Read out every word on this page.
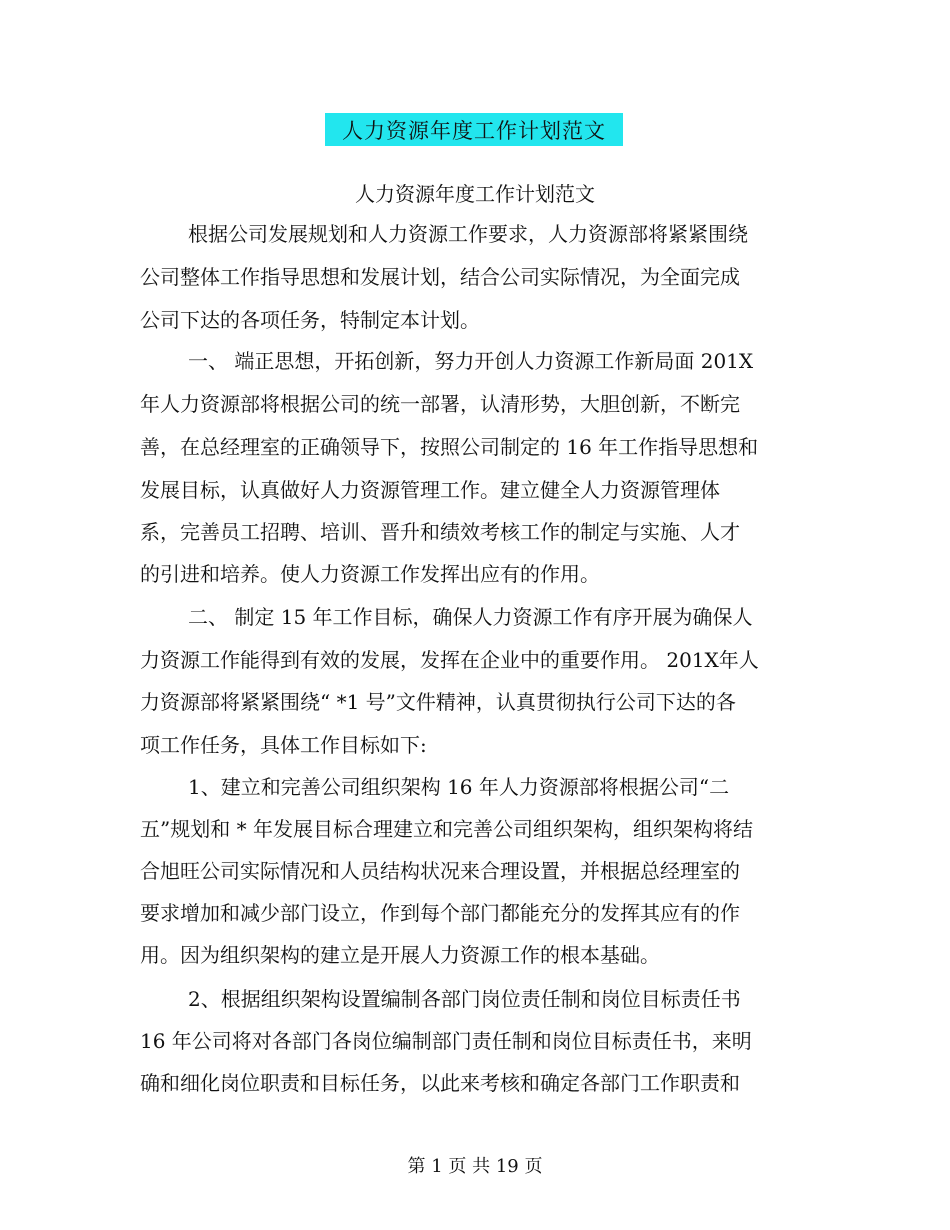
人力资源年度工作计划范文
人力资源年度工作计划范文
根据公司发展规划和人力资源工作要求，人力资源部将紧紧围绕
公司整体工作指导思想和发展计划，结合公司实际情况，为全面完成
公司下达的各项任务，特制定本计划。
一、 端正思想，开拓创新，努力开创人力资源工作新局面 201X
年人力资源部将根据公司的统一部署，认清形势，大胆创新，不断完
善，在总经理室的正确领导下，按照公司制定的 16 年工作指导思想和
发展目标，认真做好人力资源管理工作。建立健全人力资源管理体
系，完善员工招聘、培训、晋升和绩效考核工作的制定与实施、人才
的引进和培养。使人力资源工作发挥出应有的作用。
二、 制定 15 年工作目标，确保人力资源工作有序开展为确保人
力资源工作能得到有效的发展，发挥在企业中的重要作用。 201X年人
力资源部将紧紧围绕“ *1 号”文件精神，认真贯彻执行公司下达的各
项工作任务，具体工作目标如下:
1、建立和完善公司组织架构 16 年人力资源部将根据公司“二
五”规划和 * 年发展目标合理建立和完善公司组织架构，组织架构将结
合旭旺公司实际情况和人员结构状况来合理设置，并根据总经理室的
要求增加和减少部门设立，作到每个部门都能充分的发挥其应有的作
用。因为组织架构的建立是开展人力资源工作的根本基础。
2、根据组织架构设置编制各部门岗位责任制和岗位目标责任书
16 年公司将对各部门各岗位编制部门责任制和岗位目标责任书，来明
确和细化岗位职责和目标任务，以此来考核和确定各部门工作职责和
第 1 页 共 19 页
